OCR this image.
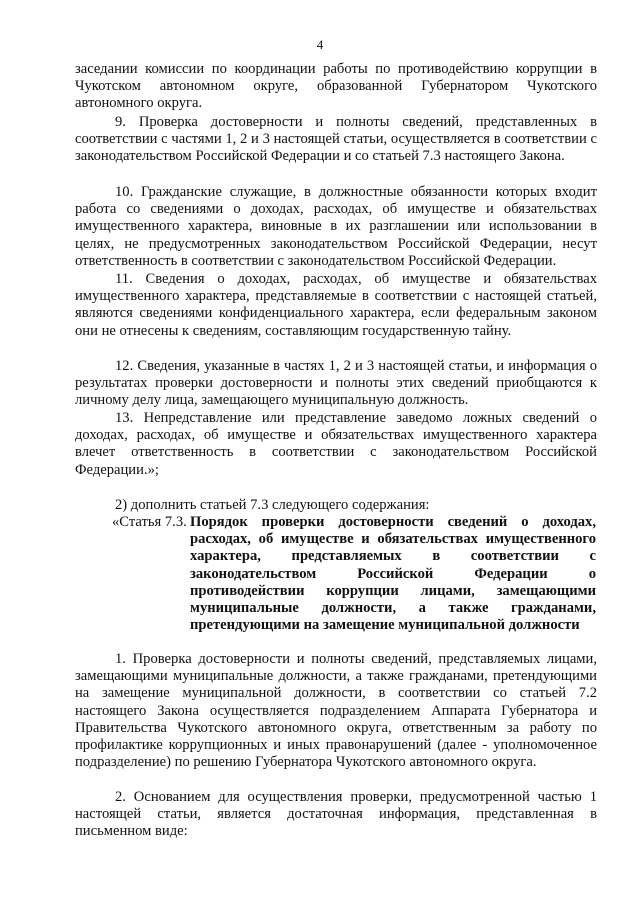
4
заседании комиссии по координации работы по противодействию коррупции в Чукотском автономном округе, образованной Губернатором Чукотского автономного округа.
9. Проверка достоверности и полноты сведений, представленных в соответствии с частями 1, 2 и 3 настоящей статьи, осуществляется в соответствии с законодательством Российской Федерации и со статьей 7.3 настоящего Закона.
10. Гражданские служащие, в должностные обязанности которых входит работа со сведениями о доходах, расходах, об имуществе и обязательствах имущественного характера, виновные в их разглашении или использовании в целях, не предусмотренных законодательством Российской Федерации, несут ответственность в соответствии с законодательством Российской Федерации.
11. Сведения о доходах, расходах, об имуществе и обязательствах имущественного характера, представляемые в соответствии с настоящей статьей, являются сведениями конфиденциального характера, если федеральным законом они не отнесены к сведениям, составляющим государственную тайну.
12. Сведения, указанные в частях 1, 2 и 3 настоящей статьи, и информация о результатах проверки достоверности и полноты этих сведений приобщаются к личному делу лица, замещающего муниципальную должность.
13. Непредставление или представление заведомо ложных сведений о доходах, расходах, об имуществе и обязательствах имущественного характера влечет ответственность в соответствии с законодательством Российской Федерации.»;
2) дополнить статьей 7.3 следующего содержания:
«Статья 7.3. Порядок проверки достоверности сведений о доходах, расходах, об имуществе и обязательствах имущественного характера, представляемых в соответствии с законодательством Российской Федерации о противодействии коррупции лицами, замещающими муниципальные должности, а также гражданами, претендующими на замещение муниципальной должности
1. Проверка достоверности и полноты сведений, представляемых лицами, замещающими муниципальные должности, а также гражданами, претендующими на замещение муниципальной должности, в соответствии со статьей 7.2 настоящего Закона осуществляется подразделением Аппарата Губернатора и Правительства Чукотского автономного округа, ответственным за работу по профилактике коррупционных и иных правонарушений (далее - уполномоченное подразделение) по решению Губернатора Чукотского автономного округа.
2. Основанием для осуществления проверки, предусмотренной частью 1 настоящей статьи, является достаточная информация, представленная в письменном виде:
